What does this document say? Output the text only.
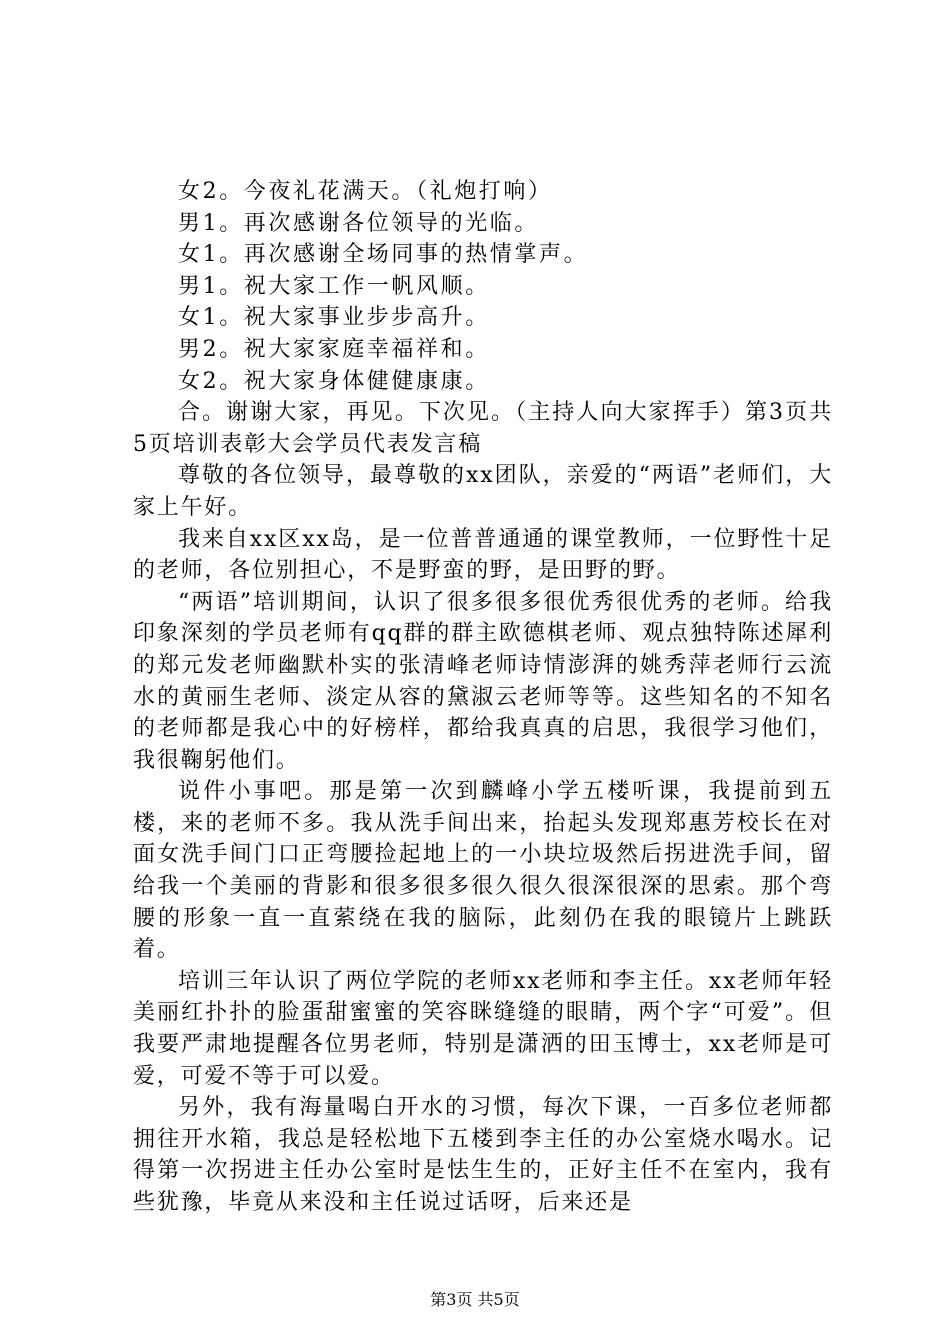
女2。今夜礼花满天。（礼炮打响）
男1。再次感谢各位领导的光临。
女1。再次感谢全场同事的热情掌声。
男1。祝大家工作一帆风顺。
女1。祝大家事业步步高升。
男2。祝大家家庭幸福祥和。
女2。祝大家身体健健康康。

合。谢谢大家，再见。下次见。（主持人向大家挥手）第3页共5页培训表彰大会学员代表发言稿

尊敬的各位领导，最尊敬的xx团队，亲爱的“两语”老师们，大家上午好。

我来自xx区xx岛，是一位普普通通的课堂教师，一位野性十足的老师，各位别担心，不是野蛮的野，是田野的野。

“两语”培训期间，认识了很多很多很优秀很优秀的老师。给我印象深刻的学员老师有qq群的群主欧德棋老师、观点独特陈述犀利的郑元发老师幽默朴实的张清峰老师诗情澎湃的姚秀萍老师行云流水的黄丽生老师、淡定从容的黛淑云老师等等。这些知名的不知名的老师都是我心中的好榜样，都给我真真的启思，我很学习他们，我很鞠躬他们。

说件小事吧。那是第一次到麟峰小学五楼听课，我提前到五楼，来的老师不多。我从洗手间出来，抬起头发现郑惠芳校长在对面女洗手间门口正弯腰捡起地上的一小块垃圾然后拐进洗手间，留给我一个美丽的背影和很多很多很久很久很深很深的思索。那个弯腰的形象一直一直萦绕在我的脑际，此刻仍在我的眼镜片上跳跃着。

培训三年认识了两位学院的老师xx老师和李主任。xx老师年轻美丽红扑扑的脸蛋甜蜜蜜的笑容眯缝缝的眼睛，两个字“可爱”。但我要严肃地提醒各位男老师，特别是潇洒的田玉博士，xx老师是可爱，可爱不等于可以爱。

另外，我有海量喝白开水的习惯，每次下课，一百多位老师都拥往开水箱，我总是轻松地下五楼到李主任的办公室烧水喝水。记得第一次拐进主任办公室时是怯生生的，正好主任不在室内，我有些犹豫，毕竟从来没和主任说过话呀，后来还是

第3页 共5页
